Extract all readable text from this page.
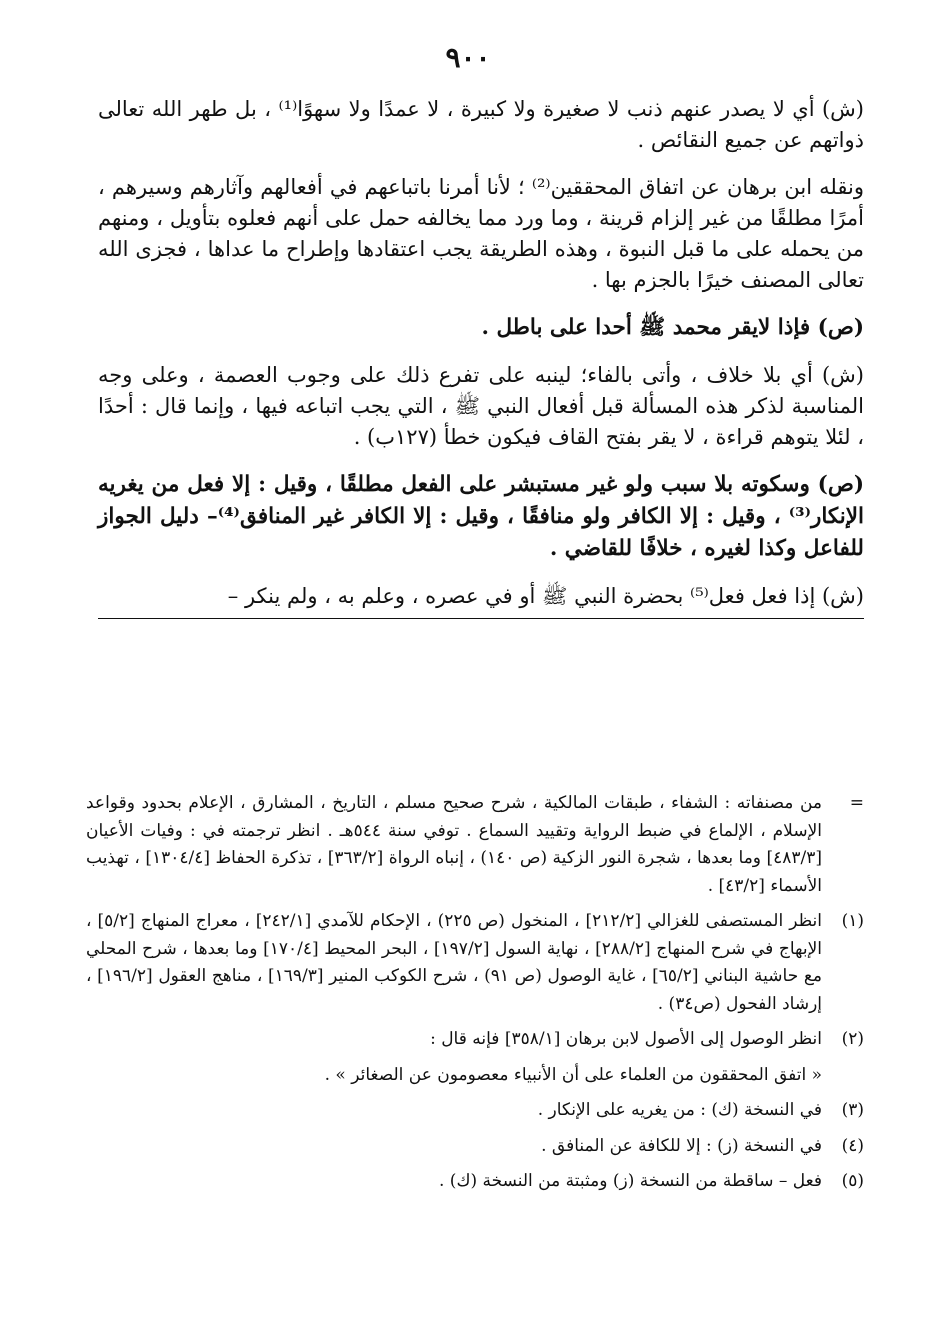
٩٠٠

(ش) أي لا يصدر عنهم ذنب لا صغيرة ولا كبيرة ، لا عمدًا ولا سهوًا⁽¹⁾ ، بل طهر الله تعالى ذواتهم عن جميع النقائص .

ونقله ابن برهان عن اتفاق المحققين⁽²⁾ ؛ لأنا أمرنا باتباعهم في أفعالهم وآثارهم وسيرهم ، أمرًا مطلقًا من غير إلزام قرينة ، وما ورد مما يخالفه حمل على أنهم فعلوه بتأويل ، ومنهم من يحمله على ما قبل النبوة ، وهذه الطريقة يجب اعتقادها وإطراح ما عداها ، فجزى الله تعالى المصنف خيرًا بالجزم بها .

(ص) فإذا لايقر محمد ﷺ أحدا على باطل .

(ش) أي بلا خلاف ، وأتى بالفاء؛ لينبه على تفرع ذلك على وجوب العصمة ، وعلى وجه المناسبة لذكر هذه المسألة قبل أفعال النبي ﷺ ، التي يجب اتباعه فيها ، وإنما قال : أحدًا ، لئلا يتوهم قراءة ، لا يقر بفتح القاف فيكون خطأ (١٢٧ب) .

(ص) وسكوته بلا سبب ولو غير مستبشر على الفعل مطلقًا ، وقيل : إلا فعل من يغريه الإنكار⁽³⁾ ، وقيل : إلا الكافر ولو منافقًا ، وقيل : إلا الكافر غير المنافق⁽⁴⁾– دليل الجواز للفاعل وكذا لغيره ، خلافًا للقاضي .

(ش) إذا فعل فعل⁽⁵⁾ بحضرة النبي ﷺ أو في عصره ، وعلم به ، ولم ينكر –

=
من مصنفاته : الشفاء ، طبقات المالكية ، شرح صحيح مسلم ، التاريخ ، المشارق ، الإعلام بحدود وقواعد الإسلام ، الإلماع في ضبط الرواية وتقييد السماع . توفي سنة ٥٤٤هـ . انظر ترجمته في : وفيات الأعيان [٤٨٣/٣] وما بعدها ، شجرة النور الزكية (ص ١٤٠) ، إنباه الرواة [٣٦٣/٢] ، تذكرة الحفاظ [١٣٠٤/٤] ، تهذيب الأسماء [٤٣/٢] .
(١)
انظر المستصفى للغزالي [٢١٢/٢] ، المنخول (ص ٢٢٥) ، الإحكام للآمدي [٢٤٢/١] ، معراج المنهاج [٥/٢] ، الإبهاج في شرح المنهاج [٢٨٨/٢] ، نهاية السول [١٩٧/٢] ، البحر المحيط [١٧٠/٤] وما بعدها ، شرح المحلي مع حاشية البناني [٦٥/٢] ، غاية الوصول (ص ٩١) ، شرح الكوكب المنير [١٦٩/٣] ، مناهج العقول [١٩٦/٢] ، إرشاد الفحول (ص٣٤) .
(٢)
انظر الوصول إلى الأصول لابن برهان [٣٥٨/١] فإنه قال :

« اتفق المحققون من العلماء على أن الأنبياء معصومون عن الصغائر » .

(٣)
في النسخة (ك) : من يغريه على الإنكار .
(٤)
في النسخة (ز) : إلا للكافة عن المنافق .
(٥)
فعل – ساقطة من النسخة (ز) ومثبتة من النسخة (ك) .
